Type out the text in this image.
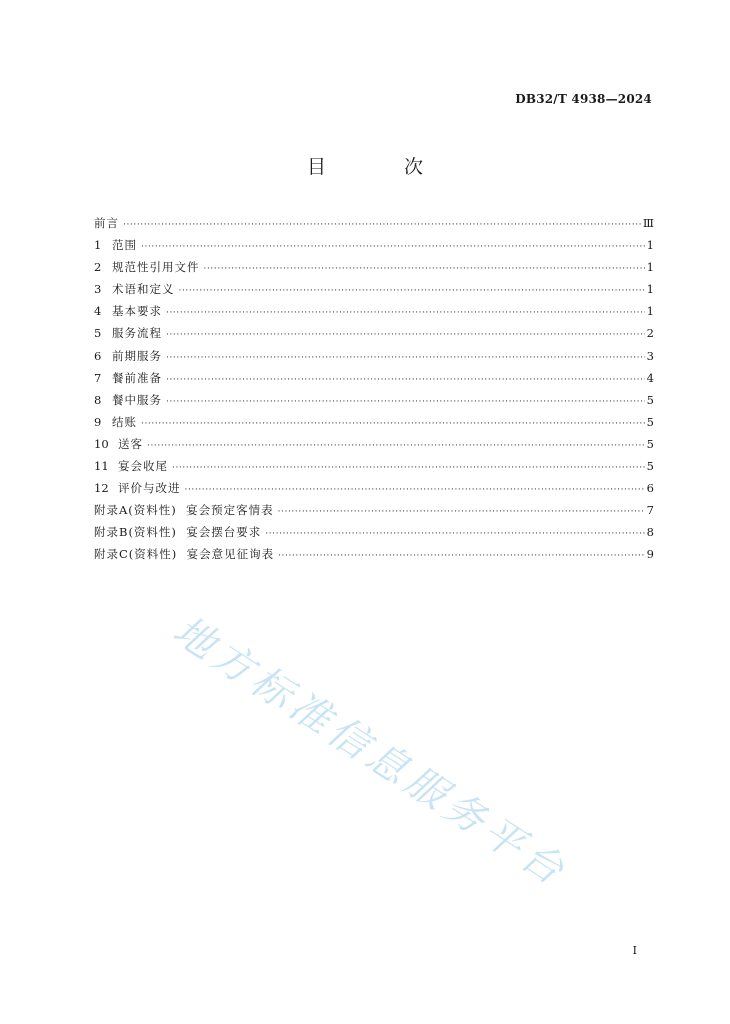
DB32/T 4938—2024
目 次
前言 ·····	Ⅲ
1 范围 ·····	1
2 规范性引用文件 ·····	1
3 术语和定义 ·····	1
4 基本要求 ·····	1
5 服务流程 ·····	2
6 前期服务 ·····	3
7 餐前准备 ·····	4
8 餐中服务 ·····	5
9 结账 ·····	5
10 送客 ·····	5
11 宴会收尾 ·····	5
12 评价与改进 ·····	6
附录A(资料性)  宴会预定客情表 ·····	7
附录B(资料性)  宴会摆台要求 ·····	8
附录C(资料性)  宴会意见征询表 ·····	9
地方标准信息服务平台
I
